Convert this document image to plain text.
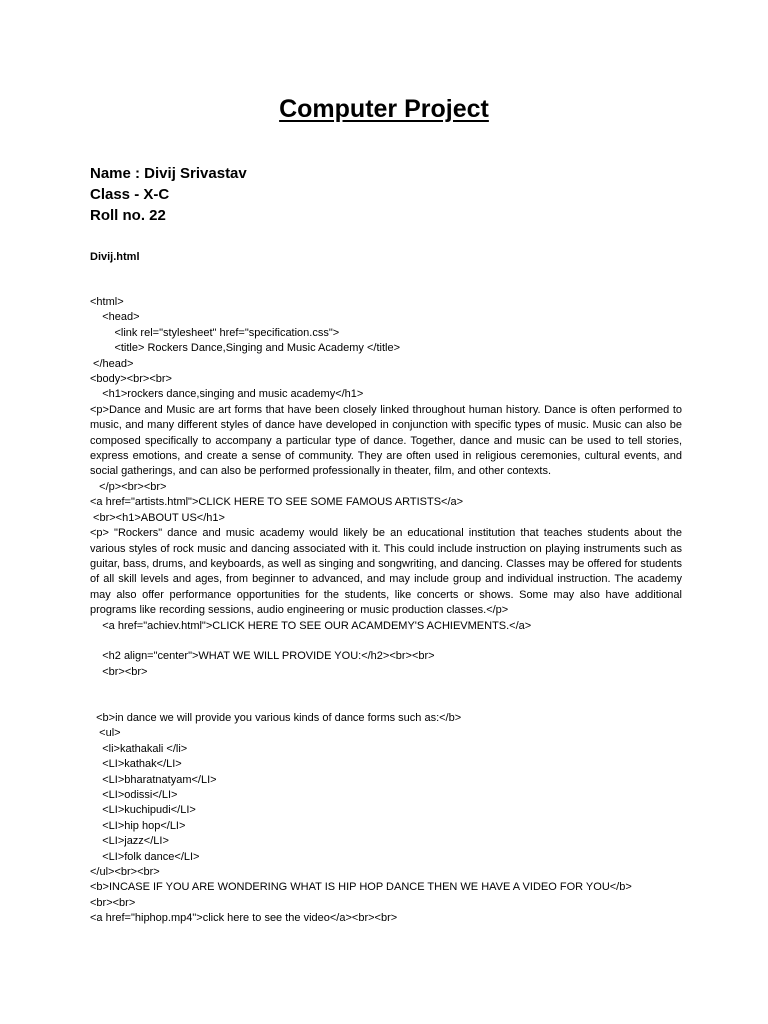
Computer Project
Name : Divij Srivastav
Class - X-C
Roll no. 22
Divij.html
<html>
<head>
<link rel="stylesheet" href="specification.css">
<title> Rockers Dance,Singing and Music Academy </title>
</head>
<body><br><br>
<h1>rockers dance,singing and music academy</h1>
<p>Dance and Music are art forms that have been closely linked throughout human history. Dance is often performed to music, and many different styles of dance have developed in conjunction with specific types of music. Music can also be composed specifically to accompany a particular type of dance. Together, dance and music can be used to tell stories, express emotions, and create a sense of community. They are often used in religious ceremonies, cultural events, and social gatherings, and can also be performed professionally in theater, film, and other contexts.
</p><br><br>
<a href="artists.html">CLICK HERE TO SEE SOME FAMOUS ARTISTS</a>
<br><h1>ABOUT US</h1>
<p> "Rockers" dance and music academy would likely be an educational institution that teaches students about the various styles of rock music and dancing associated with it. This could include instruction on playing instruments such as guitar, bass, drums, and keyboards, as well as singing and songwriting, and dancing. Classes may be offered for students of all skill levels and ages, from beginner to advanced, and may include group and individual instruction. The academy may also offer performance opportunities for the students, like concerts or shows. Some may also have additional programs like recording sessions, audio engineering or music production classes.</p>
<a href="achiev.html">CLICK HERE TO SEE OUR ACAMDEMY'S ACHIEVMENTS.</a>
<h2 align="center">WHAT WE WILL PROVIDE YOU:</h2><br><br>
<br><br>
<b>in dance we will provide you various kinds of dance forms such as:</b>
<ul>
<li>kathakali </li>
<LI>kathak</LI>
<LI>bharatnatyam</LI>
<LI>odissi</LI>
<LI>kuchipudi</LI>
<LI>hip hop</LI>
<LI>jazz</LI>
<LI>folk dance</LI>
</ul><br><br>
<b>INCASE IF YOU ARE WONDERING WHAT IS HIP HOP DANCE THEN WE HAVE A VIDEO FOR YOU</b>
<br><br>
<a href="hiphop.mp4">click here to see the video</a><br><br>
